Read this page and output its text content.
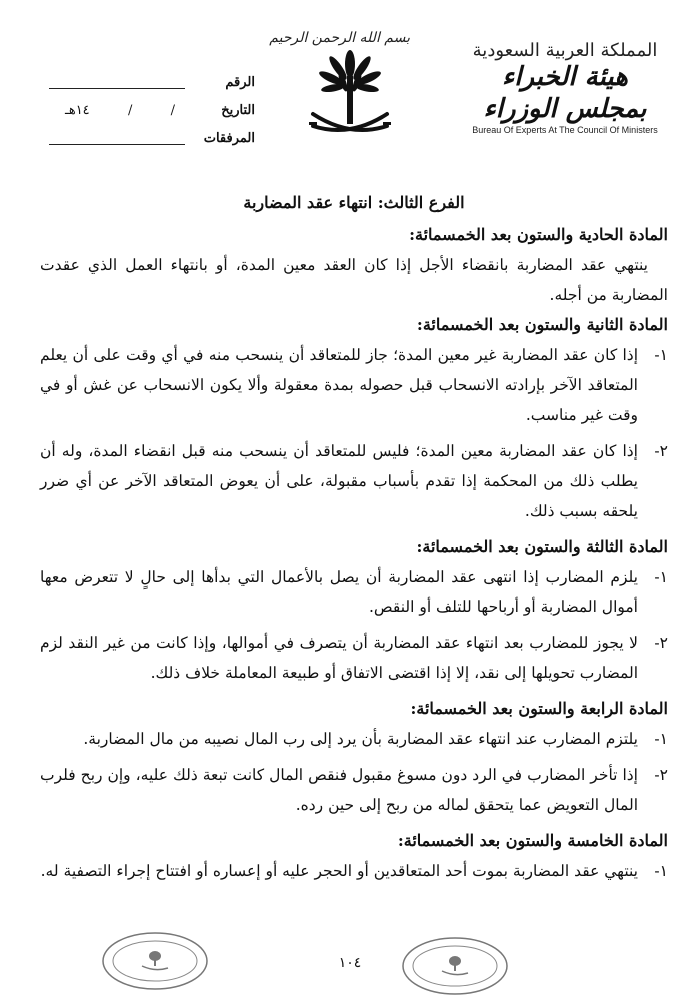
المملكة العربية السعودية
هيئة الخبراء بمجلس الوزراء
Bureau Of Experts At The Council Of Ministers
بسم الله الرحمن الرحيم
الرقم
التاريخ
/
/
١٤هـ
المرفقات
الفرع الثالث: انتهاء عقد المضاربة
المادة الحادية والستون بعد الخمسمائة:

ينتهي عقد المضاربة بانقضاء الأجل إذا كان العقد معين المدة، أو بانتهاء العمل الذي عقدت المضاربة من أجله.

المادة الثانية والستون بعد الخمسمائة:
١-
إذا كان عقد المضاربة غير معين المدة؛ جاز للمتعاقد أن ينسحب منه في أي وقت على أن يعلم المتعاقد الآخر بإرادته الانسحاب قبل حصوله بمدة معقولة وألا يكون الانسحاب عن غش أو في وقت غير مناسب.
٢-
إذا كان عقد المضاربة معين المدة؛ فليس للمتعاقد أن ينسحب منه قبل انقضاء المدة، وله أن يطلب ذلك من المحكمة إذا تقدم بأسباب مقبولة، على أن يعوض المتعاقد الآخر عن أي ضرر يلحقه بسبب ذلك.
المادة الثالثة والستون بعد الخمسمائة:
١-
يلزم المضارب إذا انتهى عقد المضاربة أن يصل بالأعمال التي بدأها إلى حالٍ لا تتعرض معها أموال المضاربة أو أرباحها للتلف أو النقص.
٢-
لا يجوز للمضارب بعد انتهاء عقد المضاربة أن يتصرف في أموالها، وإذا كانت من غير النقد لزم المضارب تحويلها إلى نقد، إلا إذا اقتضى الاتفاق أو طبيعة المعاملة خلاف ذلك.
المادة الرابعة والستون بعد الخمسمائة:
١-
يلتزم المضارب عند انتهاء عقد المضاربة بأن يرد إلى رب المال نصيبه من مال المضاربة.
٢-
إذا تأخر المضارب في الرد دون مسوغ مقبول فنقص المال كانت تبعة ذلك عليه، وإن ربح فلرب المال التعويض عما يتحقق لماله من ربح إلى حين رده.
المادة الخامسة والستون بعد الخمسمائة:
١-
ينتهي عقد المضاربة بموت أحد المتعاقدين أو الحجر عليه أو إعساره أو افتتاح إجراء التصفية له.
١٠٤
